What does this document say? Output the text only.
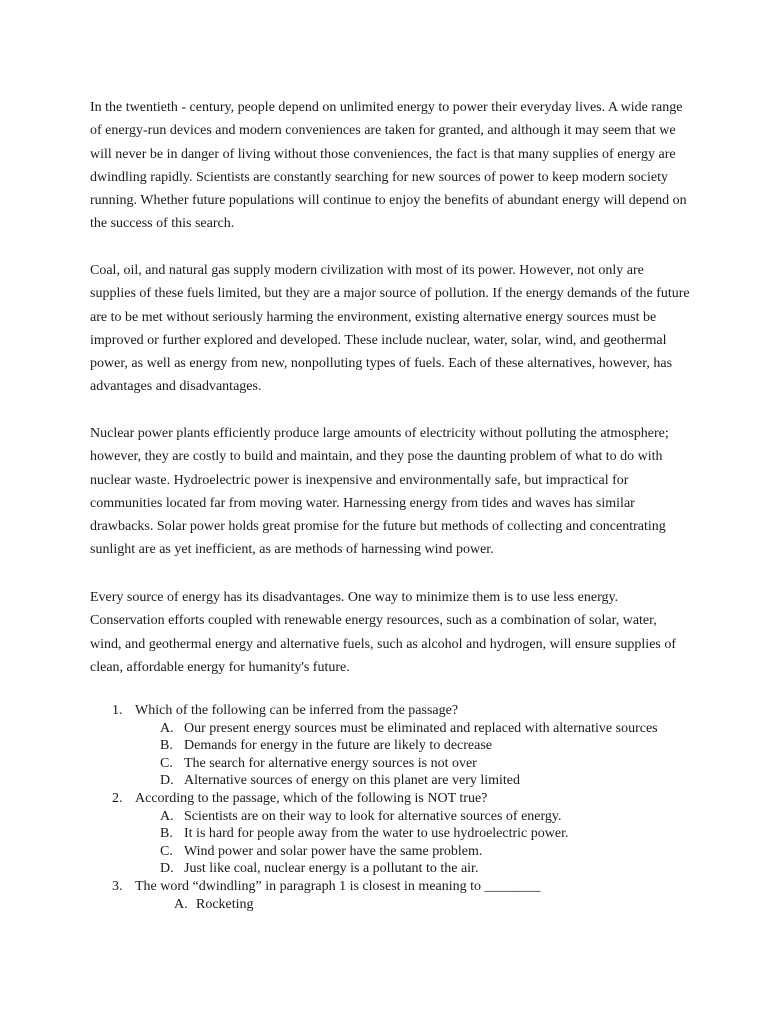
In the twentieth - century, people depend on unlimited energy to power their everyday lives. A wide range of energy-run devices and modern conveniences are taken for granted, and although it may seem that we will never be in danger of living without those conveniences, the fact is that many supplies of energy are dwindling rapidly. Scientists are constantly searching for new sources of power to keep modern society running. Whether future populations will continue to enjoy the benefits of abundant energy will depend on the success of this search.

Coal, oil, and natural gas supply modern civilization with most of its power. However, not only are supplies of these fuels limited, but they are a major source of pollution. If the energy demands of the future are to be met without seriously harming the environment, existing alternative energy sources must be improved or further explored and developed. These include nuclear, water, solar, wind, and geothermal power, as well as energy from new, nonpolluting types of fuels. Each of these alternatives, however, has advantages and disadvantages.

Nuclear power plants efficiently produce large amounts of electricity without polluting the atmosphere; however, they are costly to build and maintain, and they pose the daunting problem of what to do with nuclear waste. Hydroelectric power is inexpensive and environmentally safe, but impractical for communities located far from moving water. Harnessing energy from tides and waves has similar drawbacks. Solar power holds great promise for the future but methods of collecting and concentrating sunlight are as yet inefficient, as are methods of harnessing wind power.

Every source of energy has its disadvantages. One way to minimize them is to use less energy. Conservation efforts coupled with renewable energy resources, such as a combination of solar, water, wind, and geothermal energy and alternative fuels, such as alcohol and hydrogen, will ensure supplies of clean, affordable energy for humanity's future.

1. Which of the following can be inferred from the passage?
A. Our present energy sources must be eliminated and replaced with alternative sources
B. Demands for energy in the future are likely to decrease
C. The search for alternative energy sources is not over
D. Alternative sources of energy on this planet are very limited
2. According to the passage, which of the following is NOT true?
A. Scientists are on their way to look for alternative sources of energy.
B. It is hard for people away from the water to use hydroelectric power.
C. Wind power and solar power have the same problem.
D. Just like coal, nuclear energy is a pollutant to the air.
3. The word “dwindling” in paragraph 1 is closest in meaning to ________
A. Rocketing
